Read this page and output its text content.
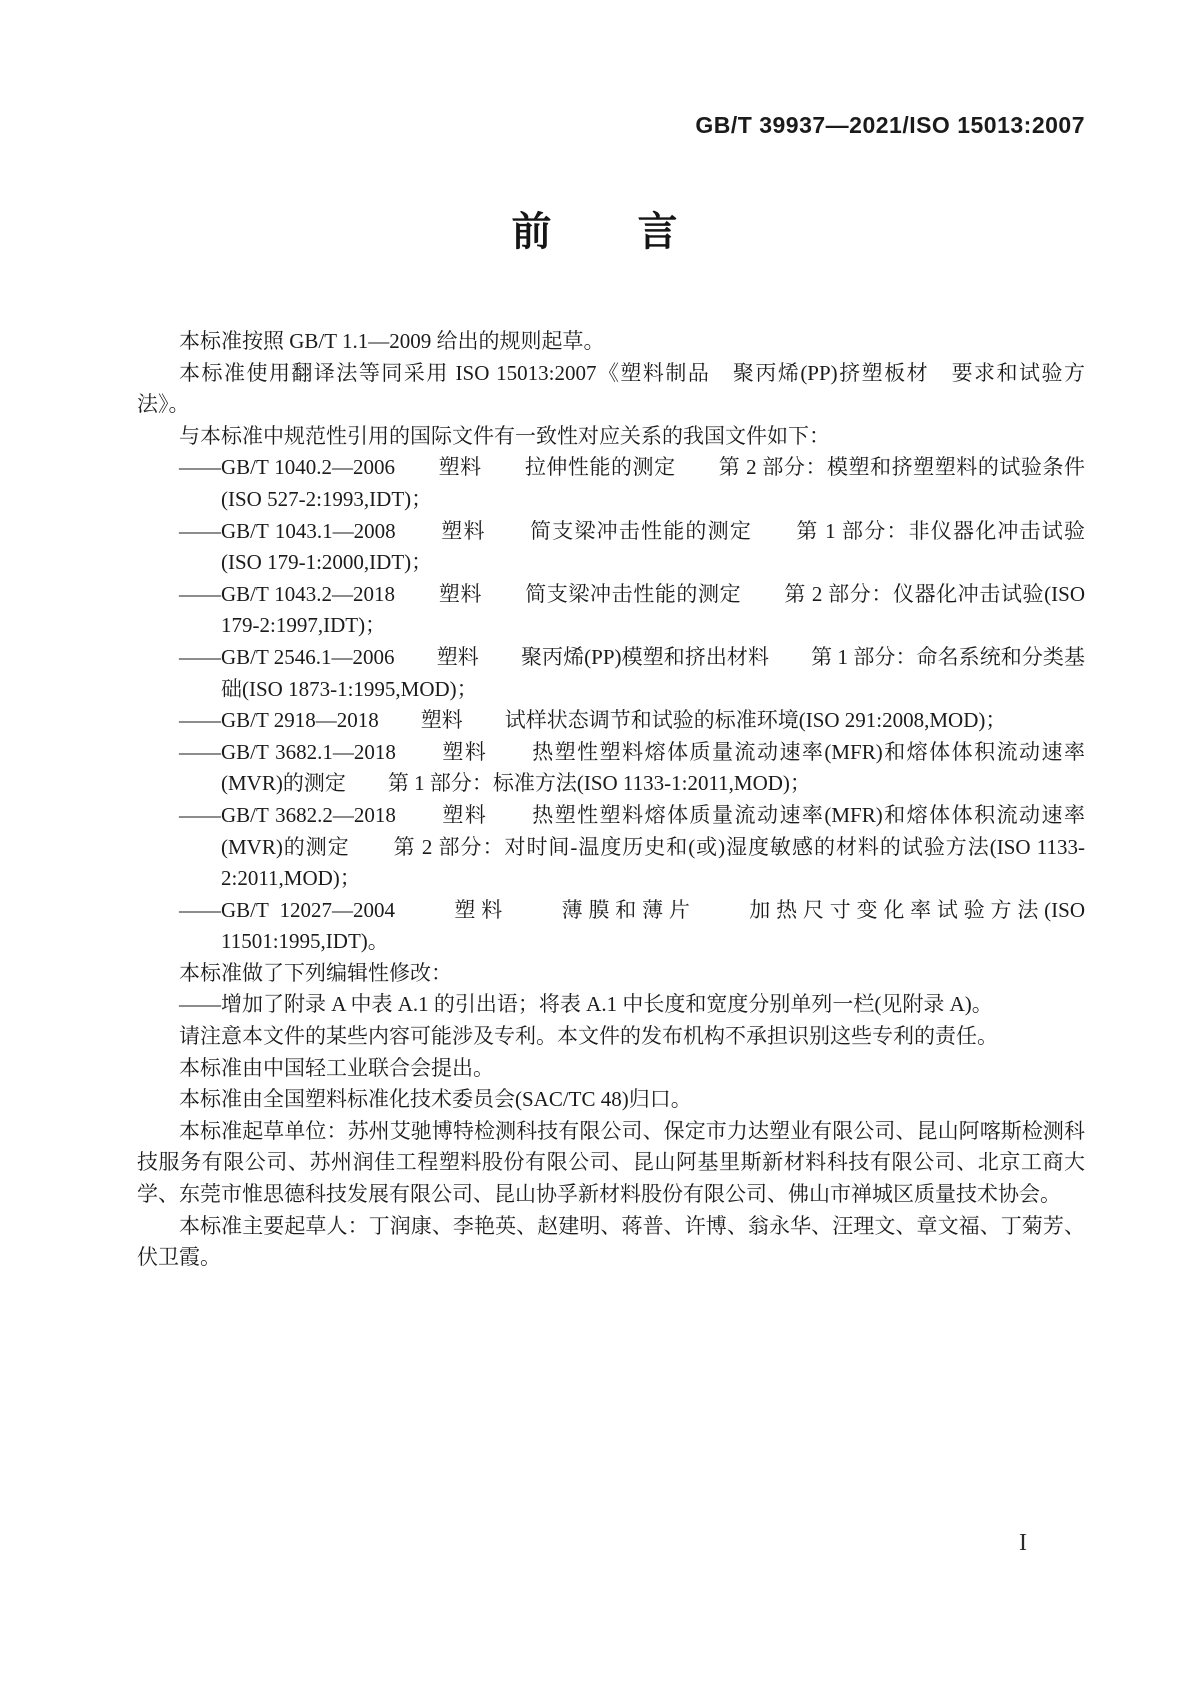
GB/T 39937—2021/ISO 15013:2007
前　　言

本标准按照 GB/T 1.1—2009 给出的规则起草。

本标准使用翻译法等同采用 ISO 15013:2007《塑料制品　聚丙烯(PP)挤塑板材　要求和试验方法》。

与本标准中规范性引用的国际文件有一致性对应关系的我国文件如下：

——GB/T 1040.2—2006　　塑料　　拉伸性能的测定　　第 2 部分：模塑和挤塑塑料的试验条件(ISO 527-2:1993,IDT)；

——GB/T 1043.1—2008　　塑料　　简支梁冲击性能的测定　　第 1 部分：非仪器化冲击试验(ISO 179-1:2000,IDT)；

——GB/T 1043.2—2018　　塑料　　简支梁冲击性能的测定　　第 2 部分：仪器化冲击试验(ISO 179-2:1997,IDT)；

——GB/T 2546.1—2006　　塑料　　聚丙烯(PP)模塑和挤出材料　　第 1 部分：命名系统和分类基础(ISO 1873-1:1995,MOD)；

——GB/T 2918—2018　　塑料　　试样状态调节和试验的标准环境(ISO 291:2008,MOD)；

——GB/T 3682.1—2018　　塑料　　热塑性塑料熔体质量流动速率(MFR)和熔体体积流动速率(MVR)的测定　　第 1 部分：标准方法(ISO 1133-1:2011,MOD)；

——GB/T 3682.2—2018　　塑料　　热塑性塑料熔体质量流动速率(MFR)和熔体体积流动速率(MVR)的测定　　第 2 部分：对时间-温度历史和(或)湿度敏感的材料的试验方法(ISO 1133-2:2011,MOD)；

——GB/T 12027—2004　　塑料　　薄膜和薄片　　加热尺寸变化率试验方法(ISO 11501:1995,IDT)。

本标准做了下列编辑性修改：

——增加了附录 A 中表 A.1 的引出语；将表 A.1 中长度和宽度分别单列一栏(见附录 A)。

请注意本文件的某些内容可能涉及专利。本文件的发布机构不承担识别这些专利的责任。

本标准由中国轻工业联合会提出。

本标准由全国塑料标准化技术委员会(SAC/TC 48)归口。

本标准起草单位：苏州艾驰博特检测科技有限公司、保定市力达塑业有限公司、昆山阿喀斯检测科技服务有限公司、苏州润佳工程塑料股份有限公司、昆山阿基里斯新材料科技有限公司、北京工商大学、东莞市惟思德科技发展有限公司、昆山协孚新材料股份有限公司、佛山市禅城区质量技术协会。

本标准主要起草人：丁润康、李艳英、赵建明、蒋普、许博、翁永华、汪理文、章文福、丁菊芳、伏卫霞。

I
